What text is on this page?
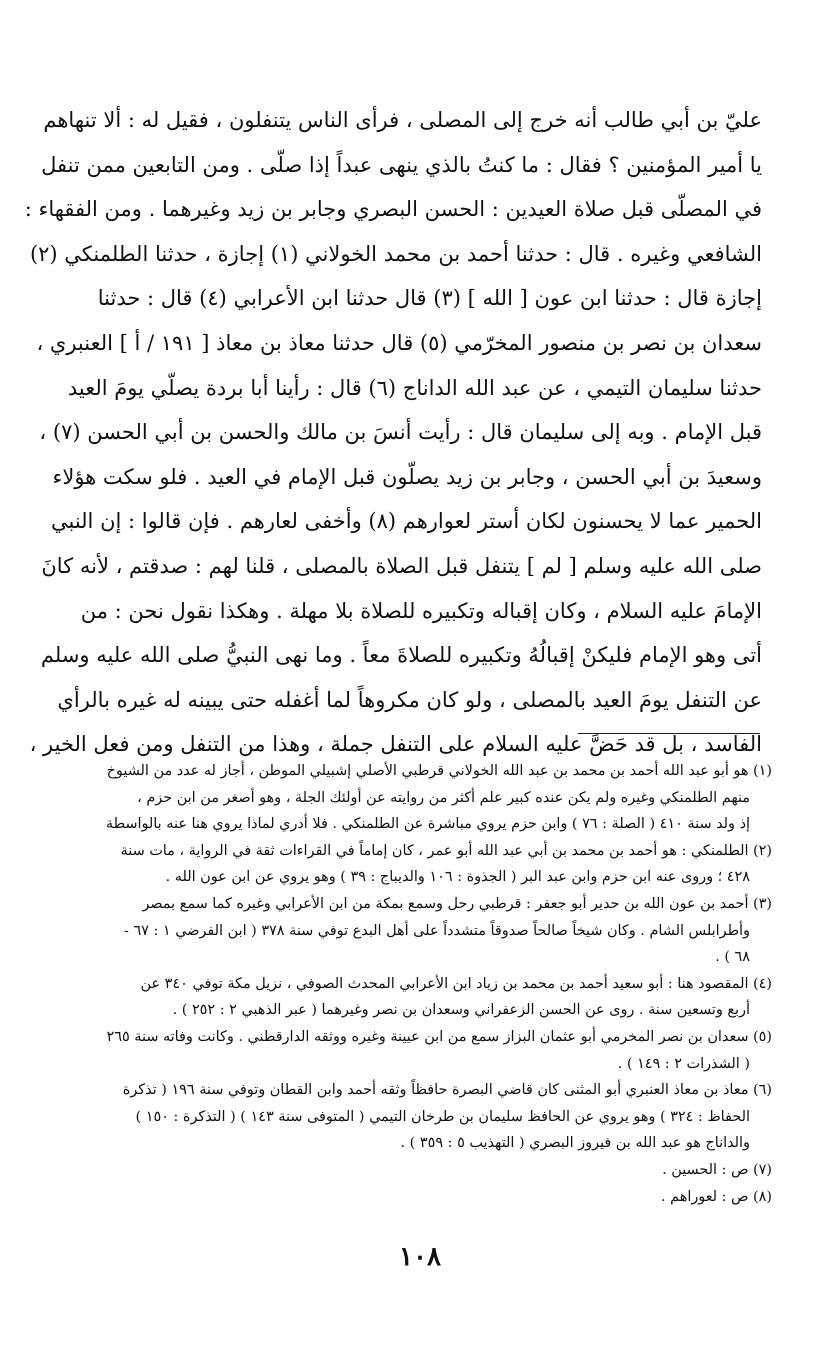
عليّ بن أبي طالب أنه خرج إلى المصلى ، فرأى الناس يتنفلون ، فقيل له : ألا تنهاهم
يا أمير المؤمنين ؟ فقال : ما كنتُ بالذي ينهى عبداً إذا صلّى . ومن التابعين ممن تنفل
في المصلّى قبل صلاة العيدين : الحسن البصري وجابر بن زيد وغيرهما . ومن الفقهاء :
الشافعي وغيره . قال : حدثنا أحمد بن محمد الخولاني (١) إجازة ، حدثنا الطلمنكي (٢)
إجازة قال : حدثنا ابن عون [ الله ] (٣) قال حدثنا ابن الأعرابي (٤) قال : حدثنا
سعدان بن نصر بن منصور المخرّمي (٥) قال حدثنا معاذ بن معاذ [ ١٩١ / أ ] العنبري ،
حدثنا سليمان التيمي ، عن عبد الله الداناج (٦) قال : رأينا أبا بردة يصلّي يومَ العيد
قبل الإمام . وبه إلى سليمان قال : رأيت أنسَ بن مالك والحسن بن أبي الحسن (٧) ،
وسعيدَ بن أبي الحسن ، وجابر بن زيد يصلّون قبل الإمام في العيد . فلو سكت هؤلاء
الحمير عما لا يحسنون لكان أستر لعوارهم (٨) وأخفى لعارهم . فإن قالوا : إن النبي
صلى الله عليه وسلم [ لم ] يتنفل قبل الصلاة بالمصلى ، قلنا لهم : صدقتم ، لأنه كانَ
الإمامَ عليه السلام ، وكان إقباله وتكبيره للصلاة بلا مهلة . وهكذا نقول نحن : من
أتى وهو الإمام فليكنْ إقبالُهُ وتكبيره للصلاةَ معاً . وما نهى النبيُّ صلى الله عليه وسلم
عن التنفل يومَ العيد بالمصلى ، ولو كان مكروهاً لما أغفله حتى يبينه له غيره بالرأي
الفاسد ، بل قد حَضَّ عليه السلام على التنفل جملة ، وهذا من التنفل ومن فعل الخير ،
(١) هو أبو عبد الله أحمد بن محمد بن عبد الله الخولاني قرطبي الأصلي إشبيلي الموطن ، أجاز له عدد من الشيوخ
منهم الطلمنكي وغيره ولم يكن عنده كبير علم أكثر من روايته عن أولئك الجلة ، وهو أصغر من ابن حزم ،
إذ ولد سنة ٤١٠ ( الصلة : ٧٦ ) وابن حزم يروي مباشرة عن الطلمنكي . فلا أدري لماذا يروي هنا عنه بالواسطة
(٢) الطلمنكي : هو أحمد بن محمد بن أبي عبد الله أبو عمر ، كان إماماً في القراءات ثقة في الرواية ، مات سنة
٤٢٨ ؛ وروى عنه ابن حزم وابن عبد البر ( الجذوة : ١٠٦ والديباج : ٣٩ ) وهو يروي عن ابن عون الله .
(٣) أحمد بن عون الله بن حدير أبو جعفر : قرطبي رحل وسمع بمكة من ابن الأعرابي وغيره كما سمع بمصر
وأطرابلس الشام . وكان شيخاً صالحاً صدوقاً متشدداً على أهل البدع توفي سنة ٣٧٨ ( ابن الفرضي ١ : ٦٧ -
٦٨ ) .
(٤) المقصود هنا : أبو سعيد أحمد بن محمد بن زياد ابن الأعرابي المحدث الصوفي ، نزيل مكة توفي ٣٤٠ عن
أربع وتسعين سنة . روى عن الحسن الزعفراني وسعدان بن نصر وغيرهما ( عبر الذهبي ٢ : ٢٥٢ ) .
(٥) سعدان بن نصر المخرمي أبو عثمان البزاز سمع من ابن عيينة وغيره ووثقه الدارقطني . وكانت وفاته سنة ٢٦٥
( الشذرات ٢ : ١٤٩ ) .
(٦) معاذ بن معاذ العنبري أبو المثنى كان قاضي البصرة حافظاً وثقه أحمد وابن القطان وتوفي سنة ١٩٦ ( تذكرة
الحفاظ : ٣٢٤ ) وهو يروي عن الحافظ سليمان بن طرخان التيمي ( المتوفى سنة ١٤٣ ) ( التذكرة : ١٥٠ )
والداناج هو عبد الله بن فيروز البصري ( التهذيب ٥ : ٣٥٩ ) .
(٧) ص : الحسين .
(٨) ص : لعوراهم .
١٠٨
